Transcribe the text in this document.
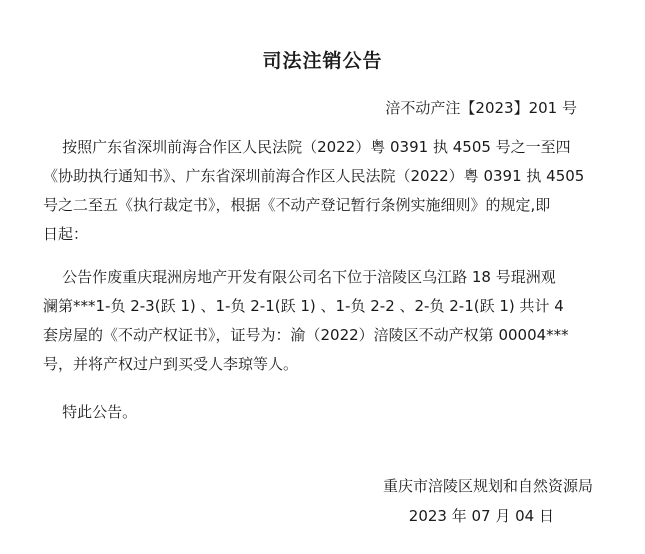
司法注销公告
涪不动产注【2023】201 号
按照广东省深圳前海合作区人民法院（2022）粤 0391 执 4505 号之一至四
《协助执行通知书》、广东省深圳前海合作区人民法院（2022）粤 0391 执 4505
号之二至五《执行裁定书》，根据《不动产登记暂行条例实施细则》的规定,即
日起：
公告作废重庆琨洲房地产开发有限公司名下位于涪陵区乌江路 18 号琨洲观
澜第***1-负 2-3(跃 1) 、1-负 2-1(跃 1) 、1-负 2-2 、2-负 2-1(跃 1) 共计 4
套房屋的《不动产权证书》，证号为：渝（2022）涪陵区不动产权第 00004***
号，并将产权过户到买受人李琼等人。
特此公告。
重庆市涪陵区规划和自然资源局
2023 年 07 月 04 日
